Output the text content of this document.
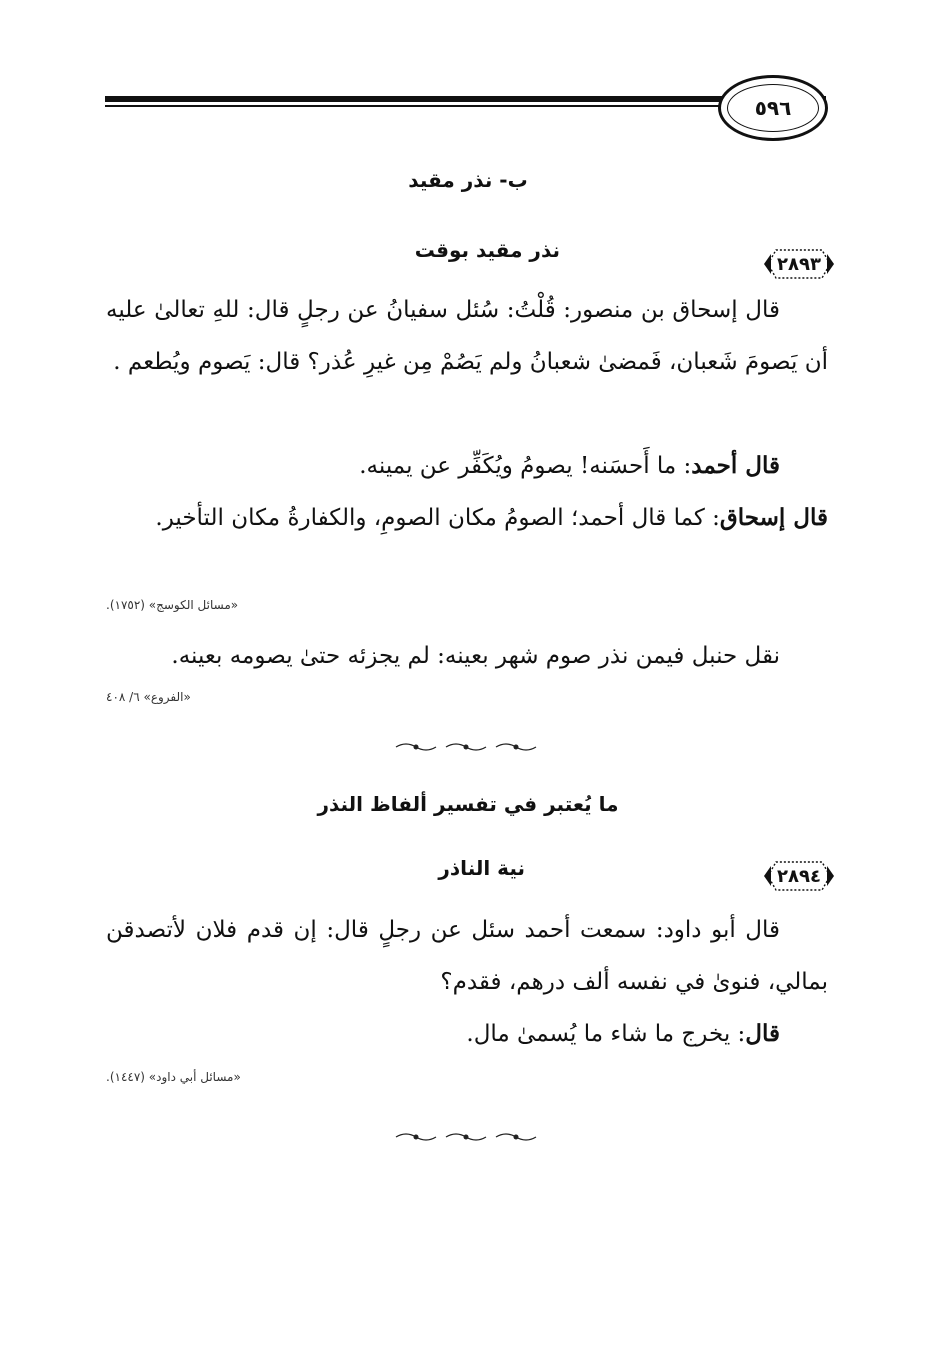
٥٩٦
ب- نذر مقيد
٢٨٩٣
نذر مقيد بوقت
قال إسحاق بن منصور: قُلْتُ: سُئل سفيانُ عن رجلٍ قال: للهِ تعالىٰ عليه أن يَصومَ شَعبان، فَمضىٰ شعبانُ ولم يَصُمْ مِن غيرِ عُذر؟ قال: يَصوم ويُطعم .
قال أحمد: ما أَحسَنه! يصومُ ويُكَفِّر عن يمينه.
قال إسحاق: كما قال أحمد؛ الصومُ مكان الصومِ، والكفارةُ مكان التأخير.
«مسائل الكوسج» (١٧٥٢).
نقل حنبل فيمن نذر صوم شهر بعينه: لم يجزئه حتىٰ يصومه بعينه.
«الفروع» ٦/ ٤٠٨
ما يُعتبر في تفسير ألفاظ النذر
٢٨٩٤
نية الناذر
قال أبو داود: سمعت أحمد سئل عن رجلٍ قال: إن قدم فلان لأتصدقن بمالي، فنوىٰ في نفسه ألف درهم، فقدم؟
قال: يخرج ما شاء ما يُسمىٰ مال.
«مسائل أبي داود» (١٤٤٧).
